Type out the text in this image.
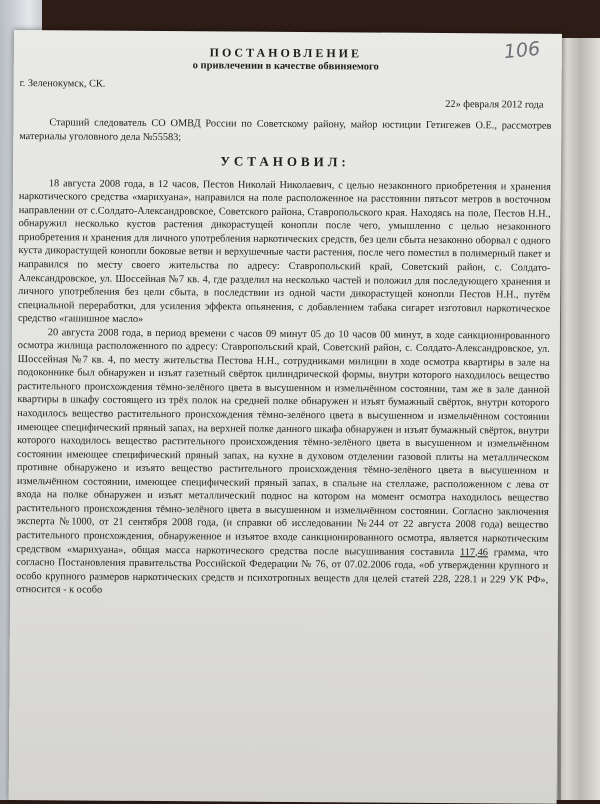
106
ПОСТАНОВЛЕНИЕ
о привлечении в качестве обвиняемого
г. Зеленокумск, СК.
22» февраля 2012 года

Старший следователь СО ОМВД России по Советскому району, майор юстиции Гетигежев О.Е., рассмотрев материалы уголовного дела №55583;

УСТАНОВИЛ:

18 августа 2008 года, в 12 часов, Пестов Николай Николаевич, с целью незаконного приобретения и хранения наркотического средства «марихуана», направился на поле расположенное на расстоянии пятьсот метров в восточном направлении от с.Солдато-Александровское, Советского района, Ставропольского края. Находясь на поле, Пестов Н.Н., обнаружил несколько кустов растения дикорастущей конопли после чего, умышленно с целью незаконного приобретения и хранения для личного употребления наркотических средств, без цели сбыта незаконно оборвал с одного куста дикорастущей конопли боковые ветви и верхушечные части растения, после чего поместил в полимерный пакет и направился по месту своего жительства по адресу: Ставропольский край, Советский район, с. Солдато-Александровское, ул. Шоссейная №7 кв. 4, где разделил на несколько частей и положил для последующего хранения и личного употребления без цели сбыта, в последствии из одной части дикорастущей конопли Пестов Н.Н., путём специальной переработки, для усиления эффекта опьянения, с добавлением табака сигарет изготовил наркотическое средство «гашишное масло»

20 августа 2008 года, в период времени с часов 09 минут 05 до 10 часов 00 минут, в ходе санкционированного осмотра жилища расположенного по адресу: Ставропольский край, Советский район, с. Солдато-Александровское, ул. Шоссейная №7 кв. 4, по месту жительства Пестова Н.Н., сотрудниками милиции в ходе осмотра квартиры в зале на подоконнике был обнаружен и изъят газетный свёрток цилиндрической формы, внутри которого находилось вещество растительного происхождения тёмно-зелёного цвета в высушенном и измельчённом состоянии, там же в зале данной квартиры в шкафу состоящего из трёх полок на средней полке обнаружен и изъят бумажный свёрток, внутри которого находилось вещество растительного происхождения тёмно-зелёного цвета в высушенном и измельчённом состоянии имеющее специфический пряный запах, на верхней полке данного шкафа обнаружен и изъят бумажный свёрток, внутри которого находилось вещество растительного происхождения тёмно-зелёного цвета в высушенном и измельчённом состоянии имеющее специфический пряный запах, на кухне в духовом отделении газовой плиты на металлическом противне обнаружено и изъято вещество растительного происхождения тёмно-зелёного цвета в высушенном и измельчённом состоянии, имеющее специфический пряный запах, в спальне на стеллаже, расположенном с лева от входа на полке обнаружен и изъят металлический поднос на котором на момент осмотра находилось вещество растительного происхождения тёмно-зелёного цвета в высушенном и измельчённом состоянии. Согласно заключения эксперта №1000, от 21 сентября 2008 года, (и справки об исследовании №244 от 22 августа 2008 года) вещество растительного происхождения, обнаруженное и изъятое входе санкционированного осмотра, является наркотическим средством «марихуана», общая масса наркотического средства после высушивания составила 117,46 грамма, что согласно Постановления правительства Российской Федерации № 76, от 07.02.2006 года, «об утверждении крупного и особо крупного размеров наркотических средств и психотропных веществ для целей статей 228, 228.1 и 229 УК РФ», относится - к особо
